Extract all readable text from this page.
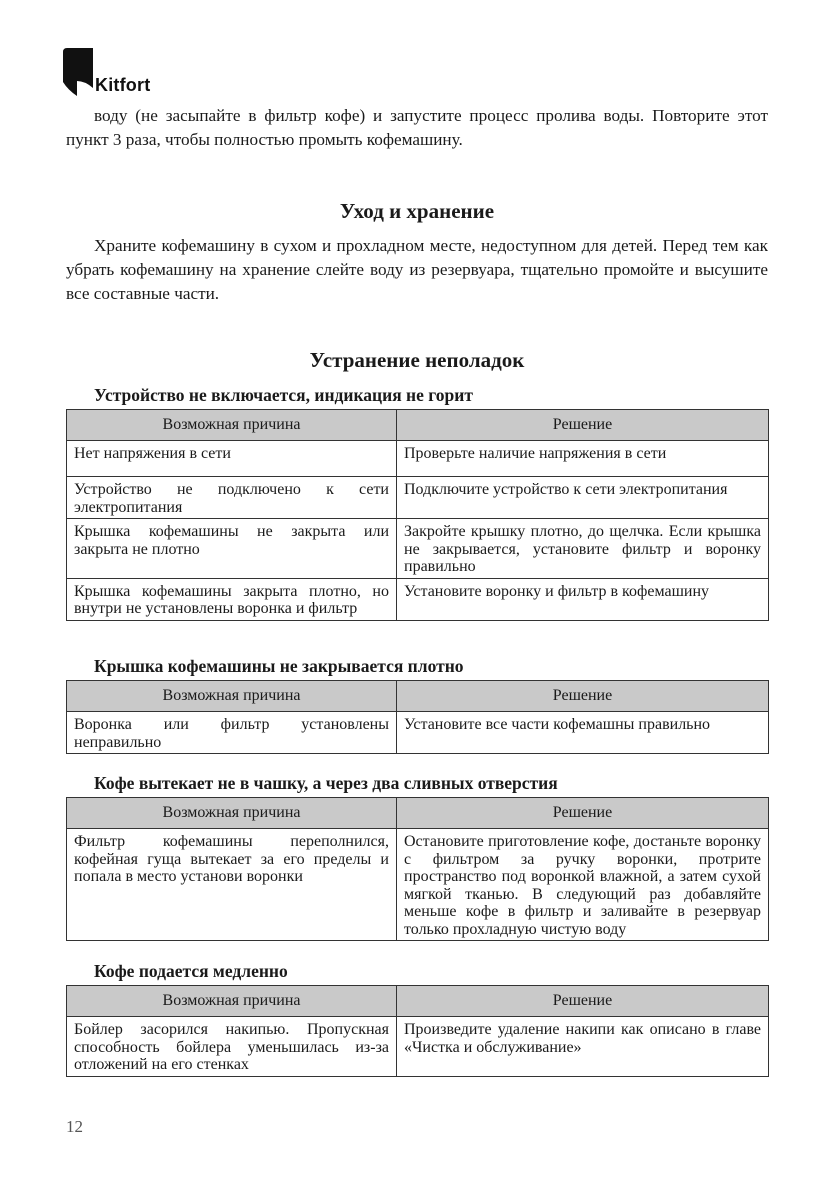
Kitfort

воду (не засыпайте в фильтр кофе) и запустите процесс пролива воды. Повторите этот пункт 3 раза, чтобы полностью промыть кофемашину.

Уход и хранение

Храните кофемашину в сухом и прохладном месте, недоступном для детей. Перед тем как убрать кофемашину на хранение слейте воду из резервуара, тщательно промойте и высушите все составные части.

Устранение неполадок
Устройство не включается, индикация не горит
Возможная причина	Решение
Нет напряжения в сети	Проверьте наличие напряжения в сети
Устройство не подключено к сети электропитания	Подключите устройство к сети электропитания
Крышка кофемашины не закрыта или закрыта не плотно	Закройте крышку плотно, до щелчка. Если крышка не закрывается, установите фильтр и воронку правильно
Крышка кофемашины закрыта плотно, но внутри не установлены воронка и фильтр	Установите воронку и фильтр в кофемашину
Крышка кофемашины не закрывается плотно
Возможная причина	Решение
Воронка или фильтр установлены неправильно	Установите все части кофемашны правильно
Кофе вытекает не в чашку, а через два сливных отверстия
Возможная причина	Решение
Фильтр кофемашины переполнился, кофейная гуща вытекает за его пределы и попала в место установи воронки	Остановите приготовление кофе, достаньте воронку с фильтром за ручку воронки, протрите пространство под воронкой влажной, а затем сухой мягкой тканью. В следующий раз добавляйте меньше кофе в фильтр и заливайте в резервуар только прохладную чистую воду
Кофе подается медленно
Возможная причина	Решение
Бойлер засорился накипью. Пропускная способность бойлера уменьшилась из-за отложений на его стенках	Произведите удаление накипи как описано в главе «Чистка и обслуживание»
12
